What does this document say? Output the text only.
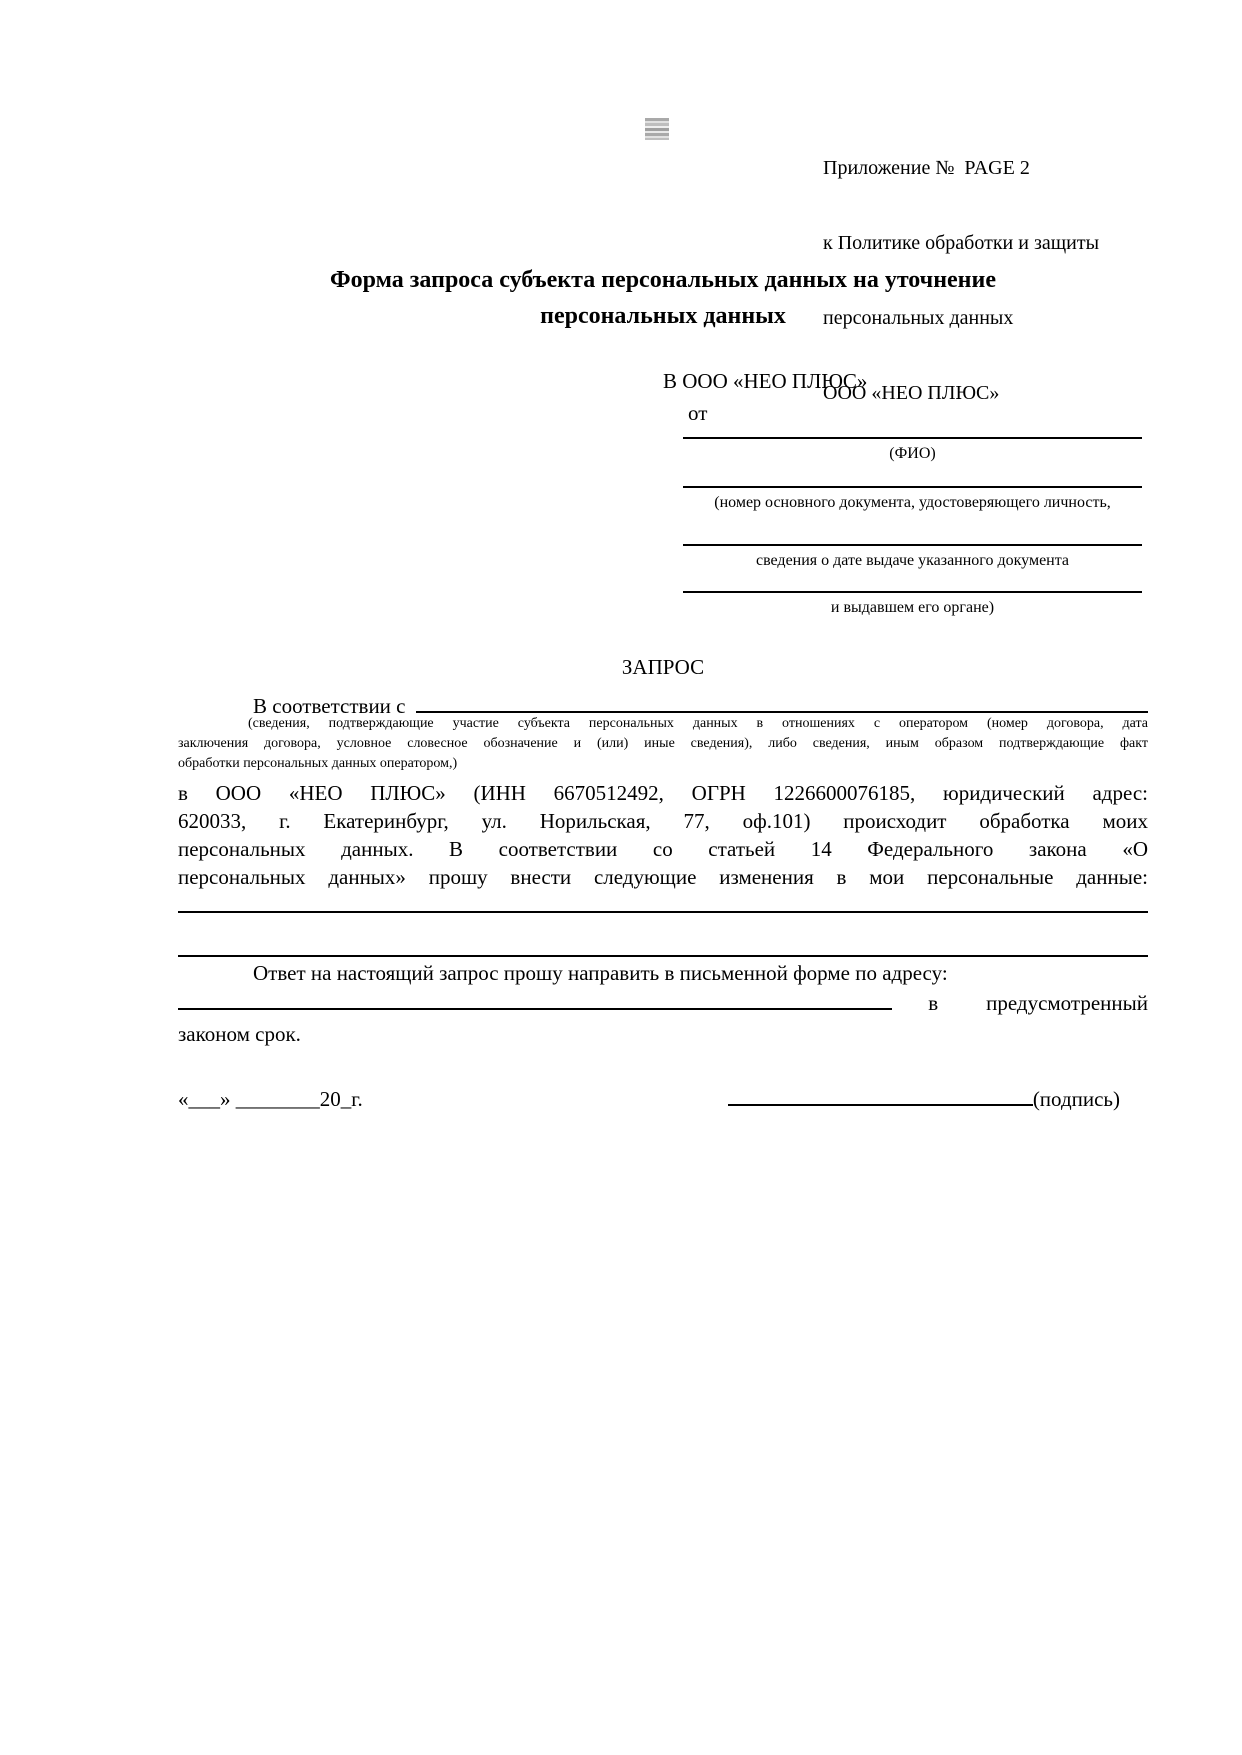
Приложение №  PAGE 2

к Политике обработки и защиты

персональных данных

ООО «НЕО ПЛЮС»

Форма запроса субъекта персональных данных на уточнение
персональных данных
В ООО «НЕО ПЛЮС»
от
(ФИО)
(номер основного документа, удостоверяющего личность,
сведения о дате выдаче указанного документа
и выдавшем его органе)
ЗАПРОС
В соответствии с
(сведения, подтверждающие участие субъекта персональных данных в отношениях с оператором (номер договора, дата
заключения договора, условное словесное обозначение и (или) иные сведения), либо сведения, иным образом подтверждающие факт
обработки персональных данных оператором,)
в ООО «НЕО ПЛЮС» (ИНН 6670512492, ОГРН 1226600076185, юридический адрес:
620033, г. Екатеринбург, ул. Норильская, 77, оф.101) происходит обработка моих
персональных данных. В соответствии со статьей 14 Федерального закона «О
персональных данных» прошу внести следующие изменения в мои персональные данные:
Ответ на настоящий запрос прошу направить в письменной форме по адресу:
в предусмотренный
законом срок.
«___» ________20_г.	(подпись)
